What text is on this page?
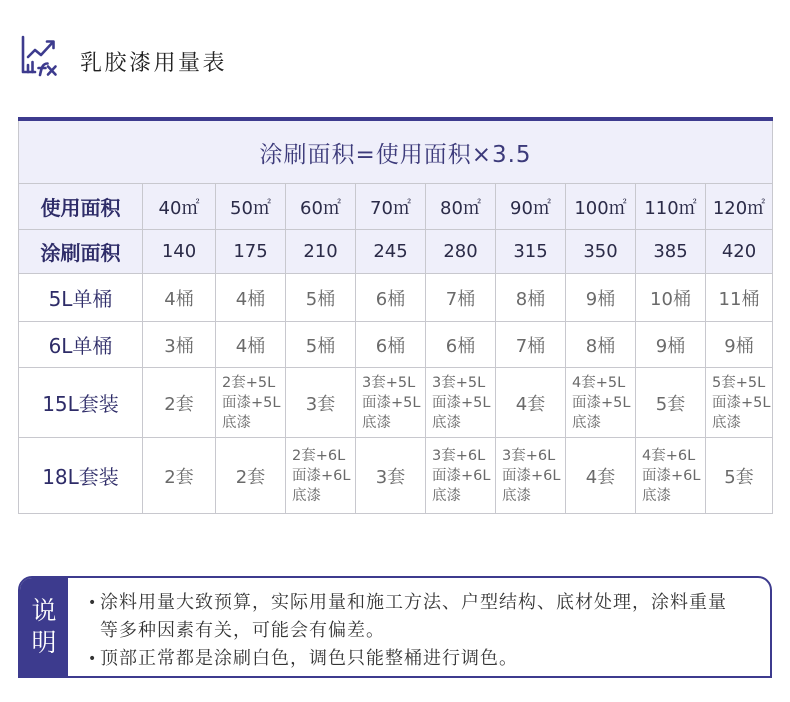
乳胶漆用量表
涂刷面积=使用面积×3.5									
使用面积	40㎡	50㎡	60㎡	70㎡	80㎡	90㎡	100㎡	110㎡	120㎡
涂刷面积	140	175	210	245	280	315	350	385	420
5L单桶	4桶	4桶	5桶	6桶	7桶	8桶	9桶	10桶	11桶
6L单桶	3桶	4桶	5桶	6桶	6桶	7桶	8桶	9桶	9桶
15L套装	2套	2套+5L
面漆+5L
底漆	3套	3套+5L
面漆+5L
底漆	3套+5L
面漆+5L
底漆	4套	4套+5L
面漆+5L
底漆	5套	5套+5L
面漆+5L
底漆

18L套装	2套	2套	2套+6L
面漆+6L
底漆	3套	3套+6L
面漆+6L
底漆	3套+6L
面漆+6L
底漆	4套	4套+6L
面漆+6L
底漆	5套
说明
• 涂料用量大致预算，实际用量和施工方法、户型结构、底材处理，涂料重量
等多种因素有关，可能会有偏差。
• 顶部正常都是涂刷白色，调色只能整桶进行调色。
